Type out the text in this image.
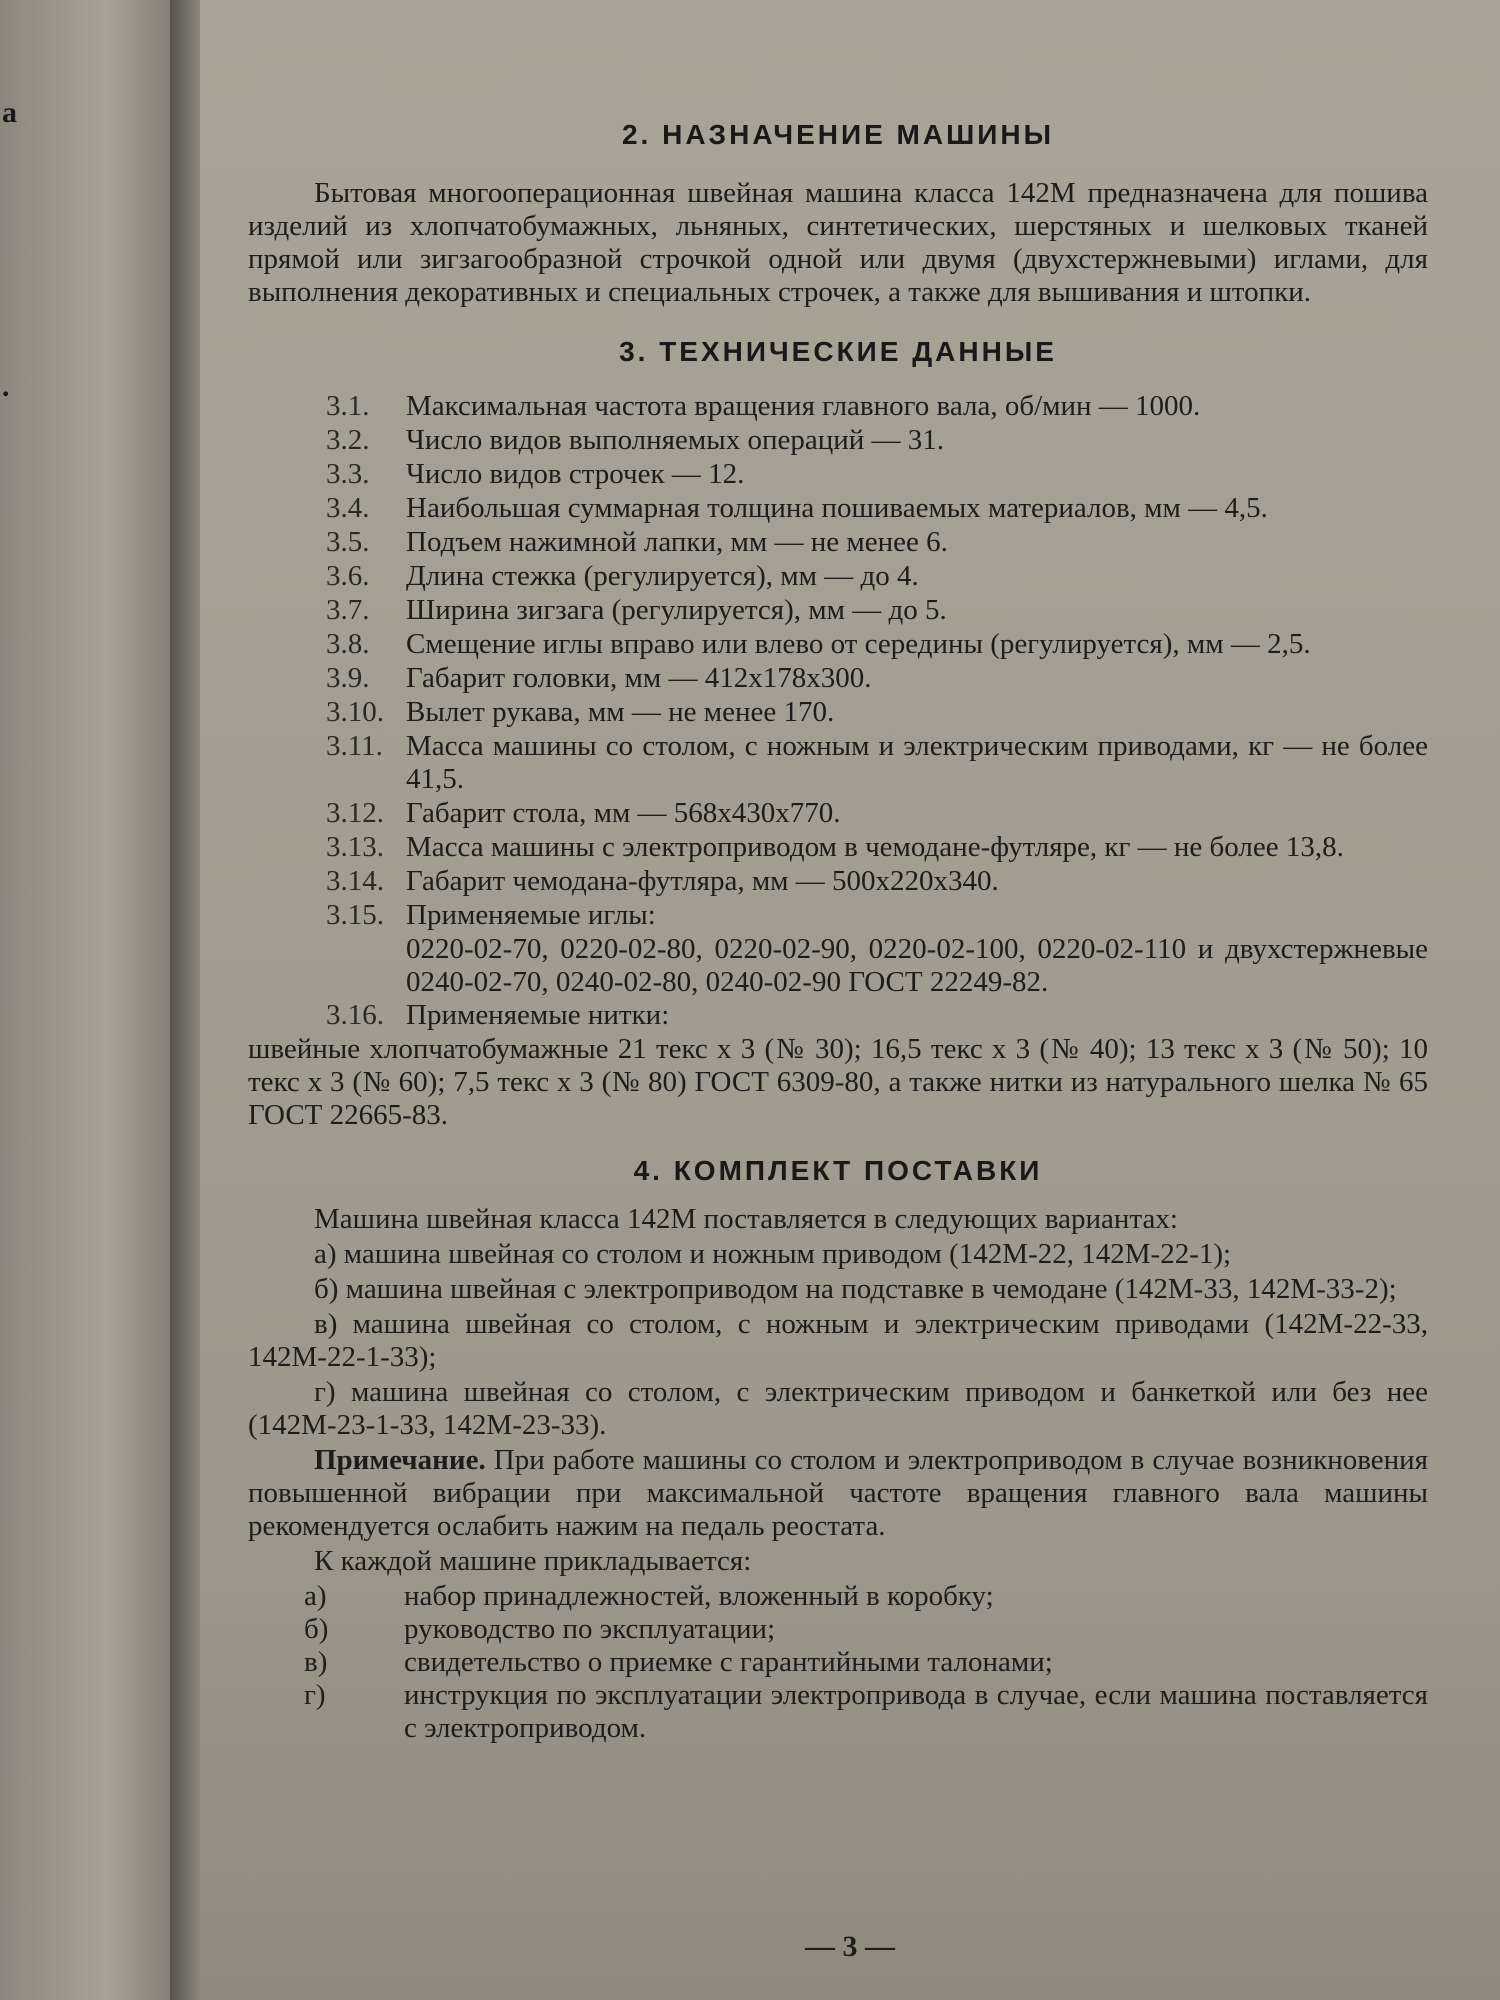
а
.
2. НАЗНАЧЕНИЕ МАШИНЫ

Бытовая многооперационная швейная машина класса 142М предназначена для пошива изделий из хлопчатобумажных, льняных, синтетических, шерстяных и шелковых тканей прямой или зигзагообразной строчкой одной или двумя (двухстержневыми) иглами, для выполнения декоративных и специальных строчек, а также для вышивания и штопки.

3. ТЕХНИЧЕСКИЕ ДАННЫЕ
3.1.	Максимальная частота вращения главного вала, об/мин — 1000.
3.2.	Число видов выполняемых операций — 31.
3.3.	Число видов строчек — 12.
3.4.	Наибольшая суммарная толщина пошиваемых материалов, мм — 4,5.
3.5.	Подъем нажимной лапки, мм — не менее 6.
3.6.	Длина стежка (регулируется), мм — до 4.
3.7.	Ширина зигзага (регулируется), мм — до 5.
3.8.	Смещение иглы вправо или влево от середины (регулируется), мм — 2,5.
3.9.	Габарит головки, мм — 412x178x300.
3.10. Вылет рукава, мм — не менее 170.
3.11. Масса машины со столом, с ножным и электрическим приводами, кг — не более 41,5.
3.12. Габарит стола, мм — 568x430x770.
3.13. Масса машины с электроприводом в чемодане-футляре, кг — не более 13,8.
3.14. Габарит чемодана-футляра, мм — 500x220x340.
3.15. Применяемые иглы:

0220-02-70, 0220-02-80, 0220-02-90, 0220-02-100, 0220-02-110 и двухстержневые 0240-02-70, 0240-02-80, 0240-02-90 ГОСТ 22249-82.

3.16. Применяемые нитки:

швейные хлопчатобумажные 21 текс x 3 (№ 30); 16,5 текс x 3 (№ 40); 13 текс x 3 (№ 50); 10 текс x 3 (№ 60); 7,5 текс x 3 (№ 80) ГОСТ 6309-80, а также нитки из натурального шелка № 65 ГОСТ 22665-83.

4. КОМПЛЕКТ ПОСТАВКИ

Машина швейная класса 142М поставляется в следующих вариантах:

а) машина швейная со столом и ножным приводом (142М-22, 142М-22-1);

б) машина швейная с электроприводом на подставке в чемодане (142М-33, 142М-33-2);

в) машина швейная со столом, с ножным и электрическим приводами (142М-22-33, 142М-22-1-33);

г) машина швейная со столом, с электрическим приводом и банкеткой или без нее (142М-23-1-33, 142М-23-33).

Примечание. При работе машины со столом и электроприводом в случае возникновения повышенной вибрации при максимальной частоте вращения главного вала машины рекомендуется ослабить нажим на педаль реостата.

К каждой машине прикладывается:

а)	набор принадлежностей, вложенный в коробку;
б)	руководство по эксплуатации;
в)	свидетельство о приемке с гарантийными талонами;
г)	инструкция по эксплуатации электропривода в случае, если машина поставляется с электроприводом.
— 3 —
